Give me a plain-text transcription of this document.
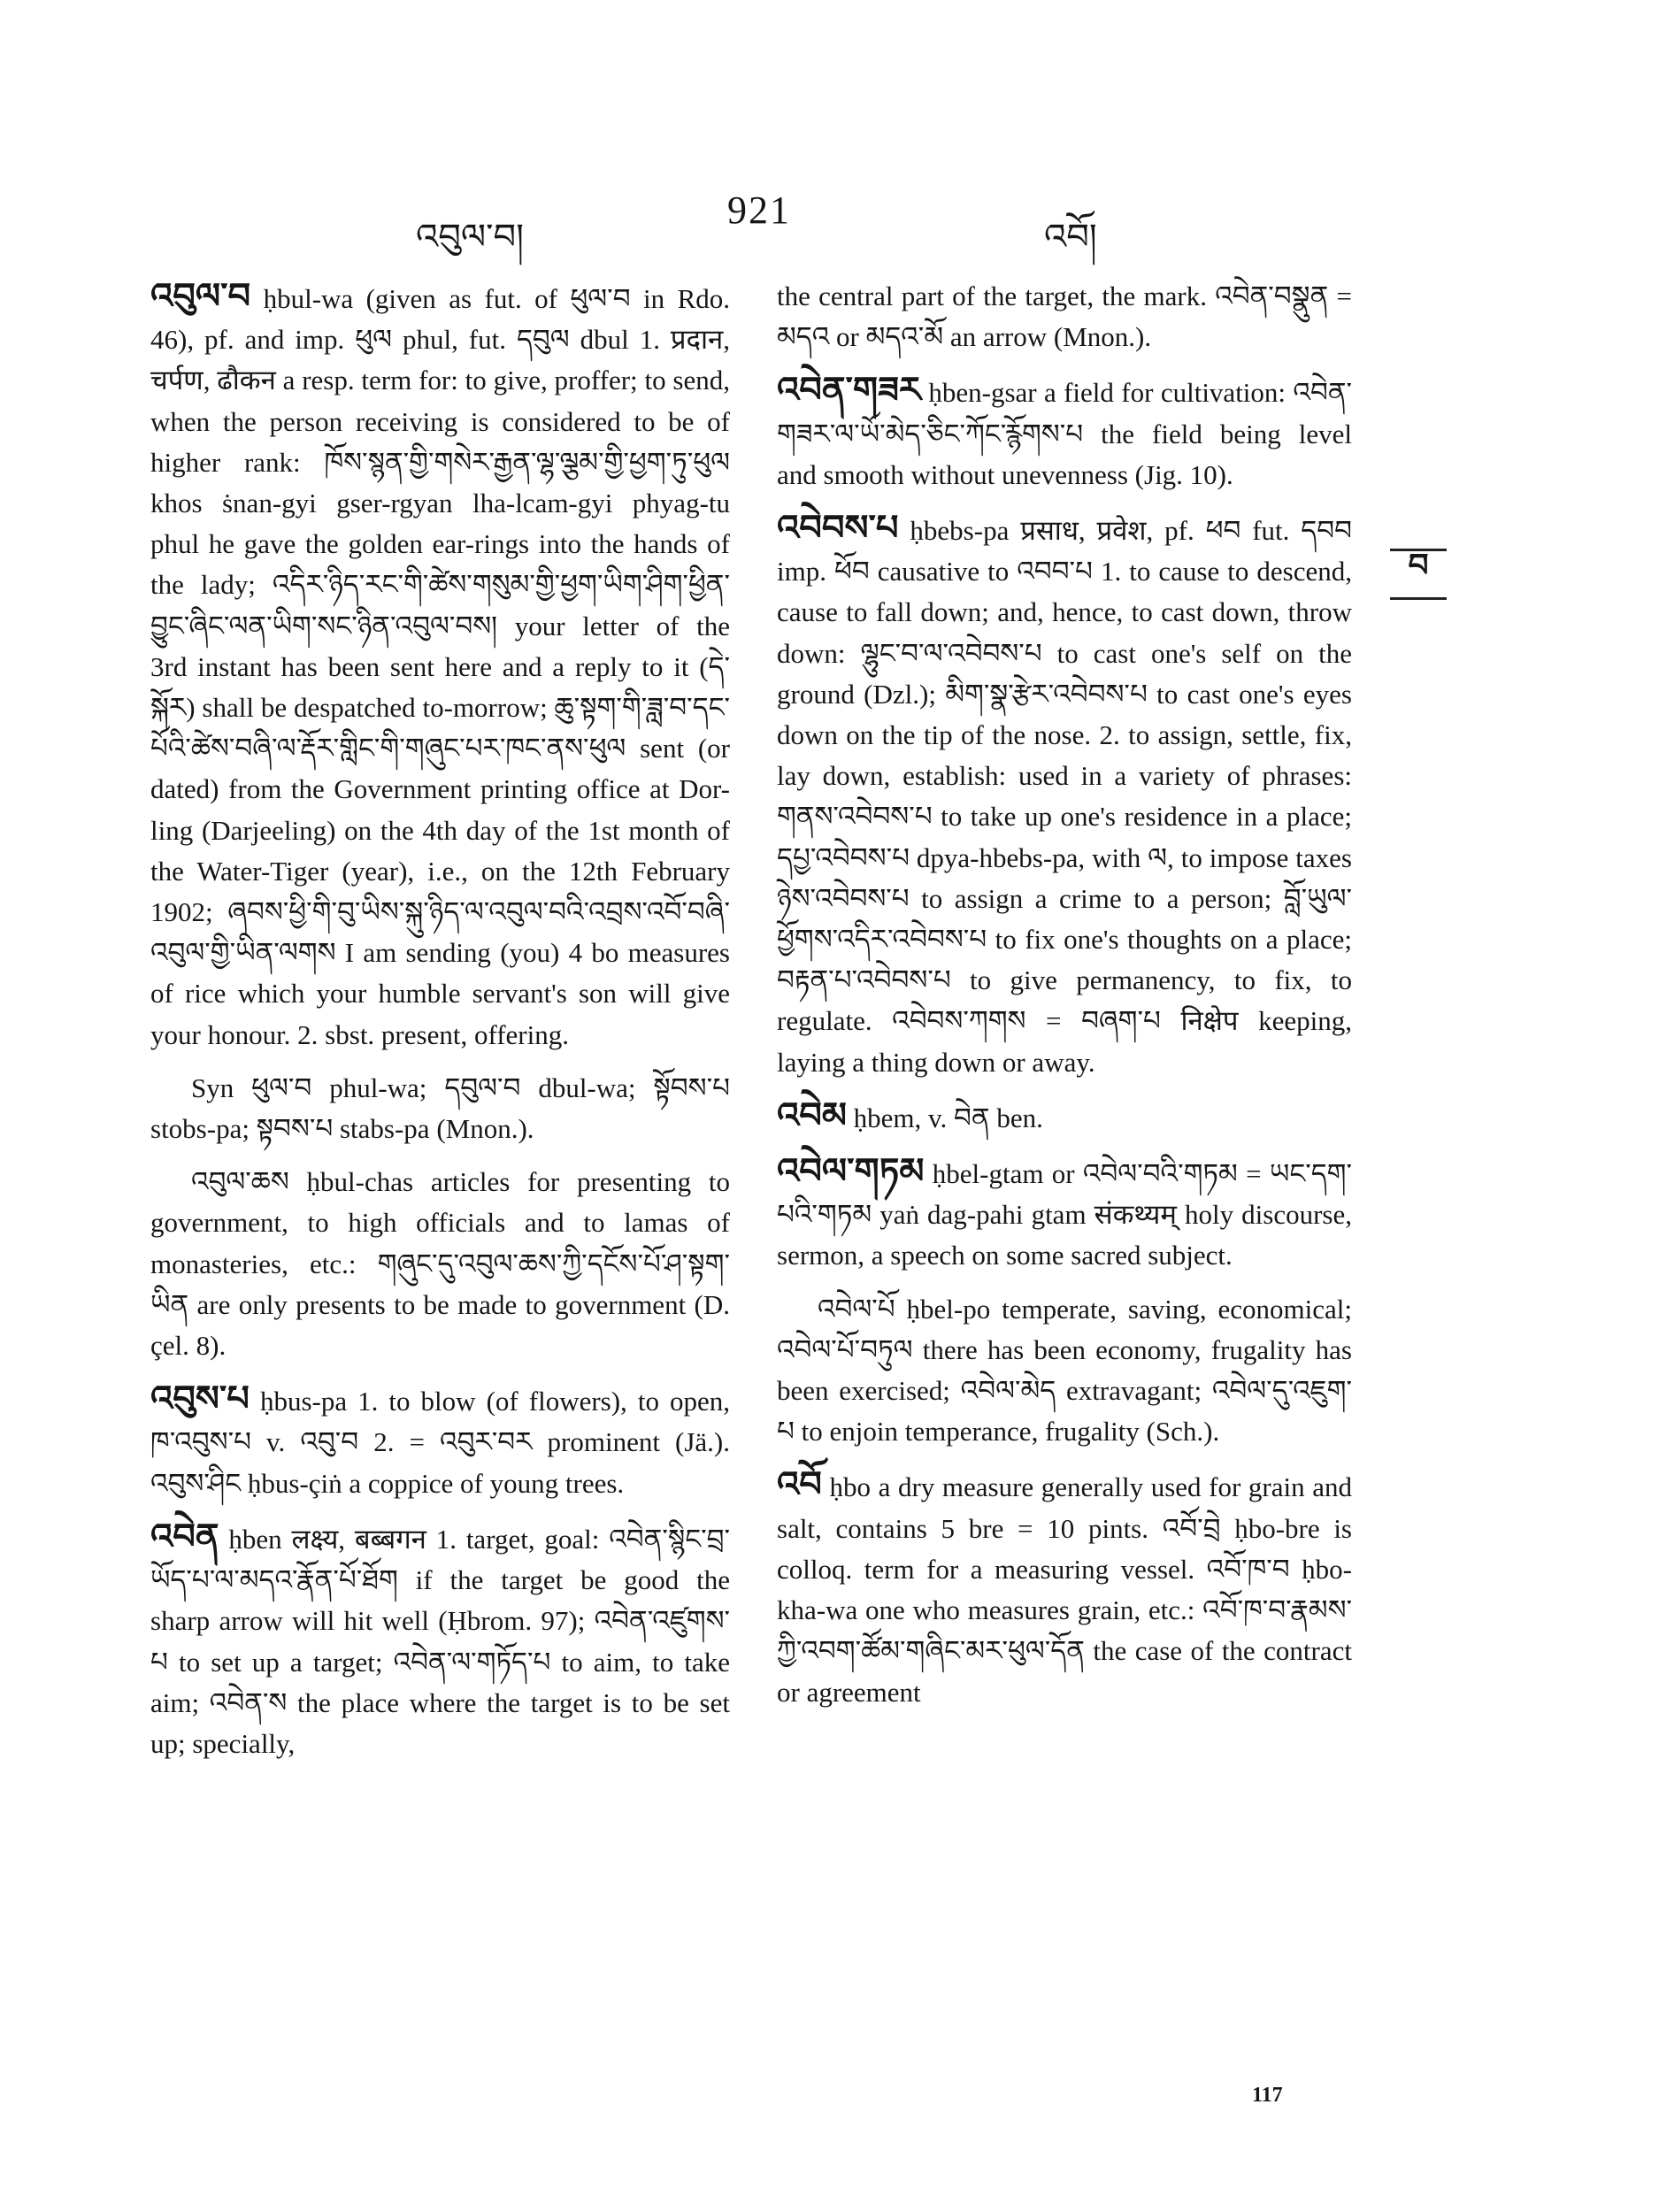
འབུལ་བ།
921
འབོ།

འབུལ་བ ḥbul-wa (given as fut. of ཕུལ་བ in Rdo. 46), pf. and imp. ཕུལ phul, fut. དབུལ dbul 1. प्रदान, चर्पण, ढौकन a resp. term for: to give, proffer; to send, when the person receiving is considered to be of higher rank: ཁོས་སྙན་གྱི་གསེར་རྒྱན་ལྷ་ལྕམ་གྱི་ཕྱག་ཏུ་ཕུལ khos ṡnan-gyi gser-rgyan lha-lcam-gyi phyag-tu phul he gave the golden ear-rings into the hands of the lady; འདིར་ཉིད་རང་གི་ཚེས་གསུམ་གྱི་ཕྱག་ཡིག་ཤིག་ཕྱིན་བྱུང་ཞིང་ལན་ཡིག་སང་ཉིན་འབུལ་བས། your letter of the 3rd instant has been sent here and a reply to it (དེ་སྐོར) shall be despatched to-morrow; ཆུ་སྟག་གི་ཟླ་བ་དང་པོའི་ཚེས་བཞི་ལ་རྡོར་གླིང་གི་གཞུང་པར་ཁང་ནས་ཕུལ sent (or dated) from the Government printing office at Dor-ling (Darjeeling) on the 4th day of the 1st month of the Water-Tiger (year), i.e., on the 12th February 1902; ཞབས་ཕྱི་གི་བུ་ཡིས་སྐུ་ཉིད་ལ་འབུལ་བའི་འབྲས་འབོ་བཞི་འབུལ་གྱི་ཡིན་ལགས I am sending (you) 4 bo measures of rice which your humble servant's son will give your honour. 2. sbst. present, offering.

Syn ཕུལ་བ phul-wa; དབུལ་བ dbul-wa; སྟོབས་པ stobs-pa; སྟབས་པ stabs-pa (Mnon.).

འབུལ་ཆས ḥbul-chas articles for presenting to government, to high officials and to lamas of monasteries, etc.: གཞུང་དུ་འབུལ་ཆས་ཀྱི་དངོས་པོ་ཤ་སྟག་ཡིན are only presents to be made to government (D. çel. 8).

འབུས་པ ḥbus-pa 1. to blow (of flowers), to open, ཁ་འབུས་པ v. འབུ་བ 2. = འབུར་བར prominent (Jä.). འབུས་ཤིང ḥbus-çiṅ a coppice of young trees.

འབེན ḥben लक्ष्य, बब्बगन 1. target, goal: འབེན་སྙིང་བྲ་ཡོད་པ་ལ་མདའ་རྣོན་པོ་ཐོག if the target be good the sharp arrow will hit well (Ḥbrom. 97); འབེན་འཛུགས་པ to set up a target; འབེན་ལ་གཏོད་པ to aim, to take aim; འབེན་ས the place where the target is to be set up; specially,

the central part of the target, the mark. འབེན་བསྣུན = མདའ or མདའ་མོ an arrow (Mnon.).

འབེན་གཟར ḥben-gsar a field for cultivation: འབེན་གཟར་ལ་ཡོ་མེད་ཅིང་ཀོང་རྙོགས་པ the field being level and smooth without unevenness (Jig. 10).

འབེབས་པ ḥbebs-pa प्रसाध, प्रवेश, pf. ཕབ fut. དབབ imp. ཕོབ causative to འབབ་པ 1. to cause to descend, cause to fall down; and, hence, to cast down, throw down: ལྷུང་བ་ལ་འབེབས་པ to cast one's self on the ground (Dzl.); མིག་སྣ་རྩེར་འབེབས་པ to cast one's eyes down on the tip of the nose. 2. to assign, settle, fix, lay down, establish: used in a variety of phrases: གནས་འབེབས་པ to take up one's residence in a place; དཔྱ་འབེབས་པ dpya-hbebs-pa, with ལ, to impose taxes ཉེས་འབེབས་པ to assign a crime to a person; བློ་ཡུལ་ཕྱོགས་འདིར་འབེབས་པ to fix one's thoughts on a place; བརྟན་པ་འབེབས་པ to give permanency, to fix, to regulate. འབེབས་ཀགས = བཞག་པ निक्षेप keeping, laying a thing down or away.

འབེམ ḥbem, v. བེན ben.

འབེལ་གཏམ ḥbel-gtam or འབེལ་བའི་གཏམ = ཡང་དག་པའི་གཏམ yaṅ dag-pahi gtam संकथ्यम् holy discourse, sermon, a speech on some sacred subject.

འབེལ་པོ ḥbel-po temperate, saving, economical; འབེལ་པོ་བཏུལ there has been economy, frugality has been exercised; འབེལ་མེད extravagant; འབེལ་དུ་འཇུག་པ to enjoin temperance, frugality (Sch.).

འབོ ḥbo a dry measure generally used for grain and salt, contains 5 bre = 10 pints. འབོ་བྲེ ḥbo-bre is colloq. term for a measuring vessel. འབོ་ཁ་བ ḥbo-kha-wa one who measures grain, etc.: འབོ་ཁ་བ་རྣམས་ཀྱི་འབག་ཚོམ་གཞིང་མར་ཕུལ་དོན the case of the contract or agreement

བ
117
